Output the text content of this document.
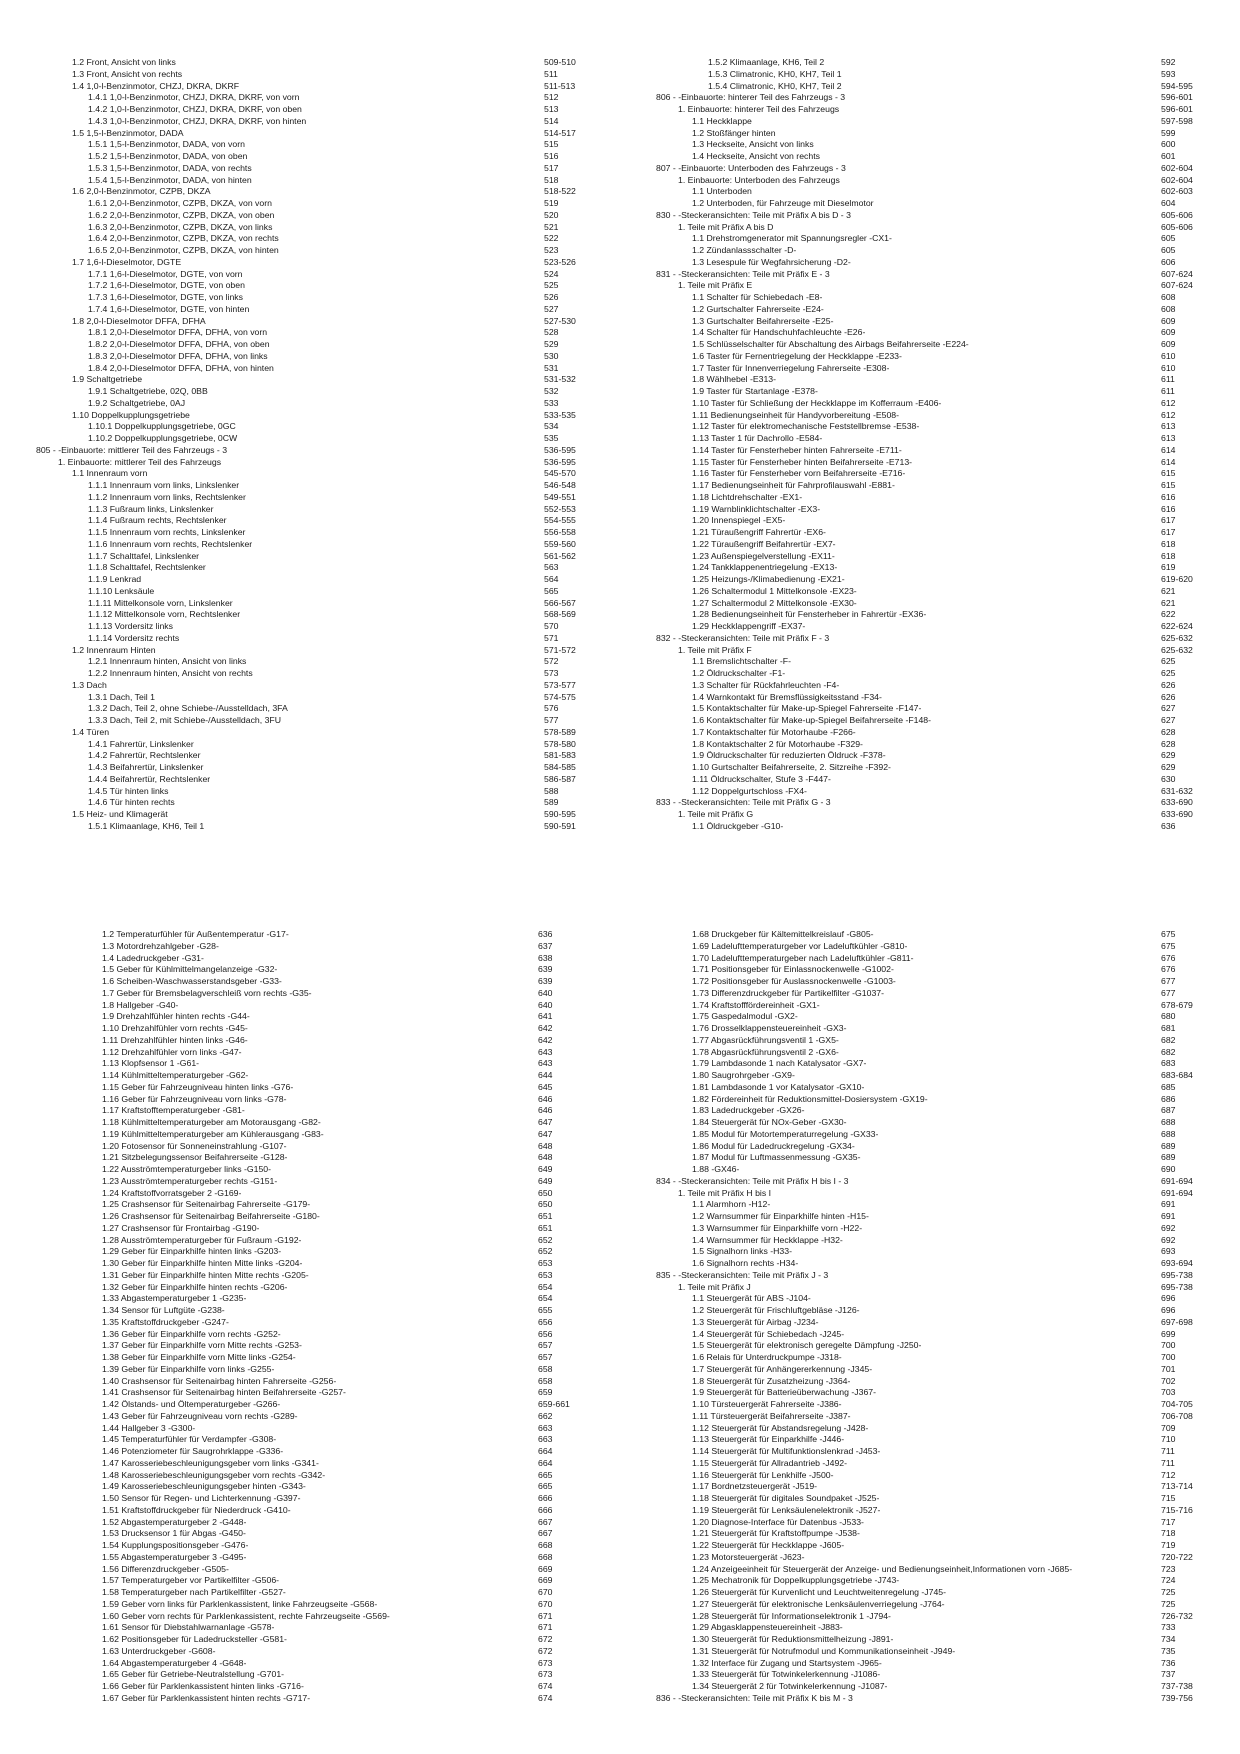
1.2 Front, Ansicht von links	509-510
1.3 Front, Ansicht von rechts	511
1.4 1,0-l-Benzinmotor, CHZJ, DKRA, DKRF	511-513
1.4.1 1,0-l-Benzinmotor, CHZJ, DKRA, DKRF, von vorn	512
1.4.2 1,0-l-Benzinmotor, CHZJ, DKRA, DKRF, von oben	513
1.4.3 1,0-l-Benzinmotor, CHZJ, DKRA, DKRF, von hinten	514
1.5 1,5-l-Benzinmotor, DADA	514-517
1.5.1 1,5-l-Benzinmotor, DADA, von vorn	515
1.5.2 1,5-l-Benzinmotor, DADA, von oben	516
1.5.3 1,5-l-Benzinmotor, DADA, von rechts	517
1.5.4 1,5-l-Benzinmotor, DADA, von hinten	518
1.6 2,0-l-Benzinmotor, CZPB, DKZA	518-522
1.6.1 2,0-l-Benzinmotor, CZPB, DKZA, von vorn	519
1.6.2 2,0-l-Benzinmotor, CZPB, DKZA, von oben	520
1.6.3 2,0-l-Benzinmotor, CZPB, DKZA, von links	521
1.6.4 2,0-l-Benzinmotor, CZPB, DKZA, von rechts	522
1.6.5 2,0-l-Benzinmotor, CZPB, DKZA, von hinten	523
1.7 1,6-l-Dieselmotor, DGTE	523-526
1.7.1 1,6-l-Dieselmotor, DGTE, von vorn	524
1.7.2 1,6-l-Dieselmotor, DGTE, von oben	525
1.7.3 1,6-l-Dieselmotor, DGTE, von links	526
1.7.4 1,6-l-Dieselmotor, DGTE, von hinten	527
1.8 2,0-l-Dieselmotor DFFA, DFHA	527-530
1.8.1 2,0-l-Dieselmotor DFFA, DFHA, von vorn	528
1.8.2 2,0-l-Dieselmotor DFFA, DFHA, von oben	529
1.8.3 2,0-l-Dieselmotor DFFA, DFHA, von links	530
1.8.4 2,0-l-Dieselmotor DFFA, DFHA, von hinten	531
1.9 Schaltgetriebe	531-532
1.9.1 Schaltgetriebe, 02Q, 0BB	532
1.9.2 Schaltgetriebe, 0AJ	533
1.10 Doppelkupplungsgetriebe	533-535
1.10.1 Doppelkupplungsgetriebe, 0GC	534
1.10.2 Doppelkupplungsgetriebe, 0CW	535
805 - -Einbauorte: mittlerer Teil des Fahrzeugs - 3	536-595
1. Einbauorte: mittlerer Teil des Fahrzeugs	536-595
1.1 Innenraum vorn	545-570
1.1.1 Innenraum vorn links, Linkslenker	546-548
1.1.2 Innenraum vorn links, Rechtslenker	549-551
1.1.3 Fußraum links, Linkslenker	552-553
1.1.4 Fußraum rechts, Rechtslenker	554-555
1.1.5 Innenraum vorn rechts, Linkslenker	556-558
1.1.6 Innenraum vorn rechts, Rechtslenker	559-560
1.1.7 Schalttafel, Linkslenker	561-562
1.1.8 Schalttafel, Rechtslenker	563
1.1.9 Lenkrad	564
1.1.10 Lenksäule	565
1.1.11 Mittelkonsole vorn, Linkslenker	566-567
1.1.12 Mittelkonsole vorn, Rechtslenker	568-569
1.1.13 Vordersitz links	570
1.1.14 Vordersitz rechts	571
1.2 Innenraum Hinten	571-572
1.2.1 Innenraum hinten, Ansicht von links	572
1.2.2 Innenraum hinten, Ansicht von rechts	573
1.3 Dach	573-577
1.3.1 Dach, Teil 1	574-575
1.3.2 Dach, Teil 2, ohne Schiebe-/Ausstelldach, 3FA	576
1.3.3 Dach, Teil 2, mit Schiebe-/Ausstelldach, 3FU	577
1.4 Türen	578-589
1.4.1 Fahrertür, Linkslenker	578-580
1.4.2 Fahrertür, Rechtslenker	581-583
1.4.3 Beifahrertür, Linkslenker	584-585
1.4.4 Beifahrertür, Rechtslenker	586-587
1.4.5 Tür hinten links	588
1.4.6 Tür hinten rechts	589
1.5 Heiz- und Klimagerät	590-595
1.5.1 Klimaanlage, KH6, Teil 1	590-591
1.5.2 Klimaanlage, KH6, Teil 2	592
1.5.3 Climatronic, KH0, KH7, Teil 1	593
1.5.4 Climatronic, KH0, KH7, Teil 2	594-595
806 - -Einbauorte: hinterer Teil des Fahrzeugs - 3	596-601
1. Einbauorte: hinterer Teil des Fahrzeugs	596-601
1.1 Heckklappe	597-598
1.2 Stoßfänger hinten	599
1.3 Heckseite, Ansicht von links	600
1.4 Heckseite, Ansicht von rechts	601
807 - -Einbauorte: Unterboden des Fahrzeugs - 3	602-604
1. Einbauorte: Unterboden des Fahrzeugs	602-604
1.1 Unterboden	602-603
1.2 Unterboden, für Fahrzeuge mit Dieselmotor	604
830 - -Steckeransichten: Teile mit Präfix A bis D - 3	605-606
1. Teile mit Präfix A bis D	605-606
1.1 Drehstromgenerator mit Spannungsregler -CX1-	605
1.2 Zündanlassschalter -D-	605
1.3 Lesespule für Wegfahrsicherung -D2-	606
831 - -Steckeransichten: Teile mit Präfix E - 3	607-624
1. Teile mit Präfix E	607-624
1.1 Schalter für Schiebedach -E8-	608
1.2 Gurtschalter Fahrerseite -E24-	608
1.3 Gurtschalter Beifahrerseite -E25-	609
1.4 Schalter für Handschuhfachleuchte -E26-	609
1.5 Schlüsselschalter für Abschaltung des Airbags Beifahrerseite -E224-	609
1.6 Taster für Fernentriegelung der Heckklappe -E233-	610
1.7 Taster für Innenverriegelung Fahrerseite -E308-	610
1.8 Wählhebel -E313-	611
1.9 Taster für Startanlage -E378-	611
1.10 Taster für Schließung der Heckklappe im Kofferraum -E406-	612
1.11 Bedienungseinheit für Handyvorbereitung -E508-	612
1.12 Taster für elektromechanische Feststellbremse -E538-	613
1.13 Taster 1 für Dachrollo -E584-	613
1.14 Taster für Fensterheber hinten Fahrerseite -E711-	614
1.15 Taster für Fensterheber hinten Beifahrerseite -E713-	614
1.16 Taster für Fensterheber vorn Beifahrerseite -E716-	615
1.17 Bedienungseinheit für Fahrprofilauswahl -E881-	615
1.18 Lichtdrehschalter -EX1-	616
1.19 Warnblinklichtschalter -EX3-	616
1.20 Innenspiegel -EX5-	617
1.21 Türaußengriff Fahrertür -EX6-	617
1.22 Türaußengriff Beifahrertür -EX7-	618
1.23 Außenspiegelverstellung -EX11-	618
1.24 Tankklappenentriegelung -EX13-	619
1.25 Heizungs-/Klimabedienung -EX21-	619-620
1.26 Schaltermodul 1 Mittelkonsole -EX23-	621
1.27 Schaltermodul 2 Mittelkonsole -EX30-	621
1.28 Bedienungseinheit für Fensterheber in Fahrertür -EX36-	622
1.29 Heckklappengriff -EX37-	622-624
832 - -Steckeransichten: Teile mit Präfix F - 3	625-632
1. Teile mit Präfix F	625-632
1.1 Bremslichtschalter -F-	625
1.2 Öldruckschalter -F1-	625
1.3 Schalter für Rückfahrleuchten -F4-	626
1.4 Warnkontakt für Bremsflüssigkeitsstand -F34-	626
1.5 Kontaktschalter für Make-up-Spiegel Fahrerseite -F147-	627
1.6 Kontaktschalter für Make-up-Spiegel Beifahrerseite -F148-	627
1.7 Kontaktschalter für Motorhaube -F266-	628
1.8 Kontaktschalter 2 für Motorhaube -F329-	628
1.9 Öldruckschalter für reduzierten Öldruck -F378-	629
1.10 Gurtschalter Beifahrerseite, 2. Sitzreihe -F392-	629
1.11 Öldruckschalter, Stufe 3 -F447-	630
1.12 Doppelgurtschloss -FX4-	631-632
833 - -Steckeransichten: Teile mit Präfix G - 3	633-690
1. Teile mit Präfix G	633-690
1.1 Öldruckgeber -G10-	636
1.2 Temperaturfühler für Außentemperatur -G17-	636
1.3 Motordrehzahlgeber -G28-	637
1.4 Ladedruckgeber -G31-	638
1.5 Geber für Kühlmittelmangelanzeige -G32-	639
1.6 Scheiben-Waschwasserstandsgeber -G33-	639
1.7 Geber für Bremsbelagverschleiß vorn rechts -G35-	640
1.8 Hallgeber -G40-	640
1.9 Drehzahlfühler hinten rechts -G44-	641
1.10 Drehzahlfühler vorn rechts -G45-	642
1.11 Drehzahlfühler hinten links -G46-	642
1.12 Drehzahlfühler vorn links -G47-	643
1.13 Klopfsensor 1 -G61-	643
1.14 Kühlmitteltemperaturgeber -G62-	644
1.15 Geber für Fahrzeugniveau hinten links -G76-	645
1.16 Geber für Fahrzeugniveau vorn links -G78-	646
1.17 Kraftstofftemperaturgeber -G81-	646
1.18 Kühlmitteltemperaturgeber am Motorausgang -G82-	647
1.19 Kühlmitteltemperaturgeber am Kühlerausgang -G83-	647
1.20 Fotosensor für Sonneneinstrahlung -G107-	648
1.21 Sitzbelegungssensor Beifahrerseite -G128-	648
1.22 Ausströmtemperaturgeber links -G150-	649
1.23 Ausströmtemperaturgeber rechts -G151-	649
1.24 Kraftstoffvorratsgeber 2 -G169-	650
1.25 Crashsensor für Seitenairbag Fahrerseite -G179-	650
1.26 Crashsensor für Seitenairbag Beifahrerseite -G180-	651
1.27 Crashsensor für Frontairbag -G190-	651
1.28 Ausströmtemperaturgeber für Fußraum -G192-	652
1.29 Geber für Einparkhilfe hinten links -G203-	652
1.30 Geber für Einparkhilfe hinten Mitte links -G204-	653
1.31 Geber für Einparkhilfe hinten Mitte rechts -G205-	653
1.32 Geber für Einparkhilfe hinten rechts -G206-	654
1.33 Abgastemperaturgeber 1 -G235-	654
1.34 Sensor für Luftgüte -G238-	655
1.35 Kraftstoffdruckgeber -G247-	656
1.36 Geber für Einparkhilfe vorn rechts -G252-	656
1.37 Geber für Einparkhilfe vorn Mitte rechts -G253-	657
1.38 Geber für Einparkhilfe vorn Mitte links -G254-	657
1.39 Geber für Einparkhilfe vorn links -G255-	658
1.40 Crashsensor für Seitenairbag hinten Fahrerseite -G256-	658
1.41 Crashsensor für Seitenairbag hinten Beifahrerseite -G257-	659
1.42 Ölstands- und Öltemperaturgeber -G266-	659-661
1.43 Geber für Fahrzeugniveau vorn rechts -G289-	662
1.44 Hallgeber 3 -G300-	663
1.45 Temperaturfühler für Verdampfer -G308-	663
1.46 Potenziometer für Saugrohrklappe -G336-	664
1.47 Karosseriebeschleunigungsgeber vorn links -G341-	664
1.48 Karosseriebeschleunigungsgeber vorn rechts -G342-	665
1.49 Karosseriebeschleunigungsgeber hinten -G343-	665
1.50 Sensor für Regen- und Lichterkennung -G397-	666
1.51 Kraftstoffdruckgeber für Niederdruck -G410-	666
1.52 Abgastemperaturgeber 2 -G448-	667
1.53 Drucksensor 1 für Abgas -G450-	667
1.54 Kupplungspositionsgeber -G476-	668
1.55 Abgastemperaturgeber 3 -G495-	668
1.56 Differenzdruckgeber -G505-	669
1.57 Temperaturgeber vor Partikelfilter -G506-	669
1.58 Temperaturgeber nach Partikelfilter -G527-	670
1.59 Geber vorn links für Parklenkassistent, linke Fahrzeugseite -G568-	670
1.60 Geber vorn rechts für Parklenkassistent, rechte Fahrzeugseite -G569-	671
1.61 Sensor für Diebstahlwarnanlage -G578-	671
1.62 Positionsgeber für Ladedrucksteller -G581-	672
1.63 Unterdruckgeber -G608-	672
1.64 Abgastemperaturgeber 4 -G648-	673
1.65 Geber für Getriebe-Neutralstellung -G701-	673
1.66 Geber für Parklenkassistent hinten links -G716-	674
1.67 Geber für Parklenkassistent hinten rechts -G717-	674
1.68 Druckgeber für Kältemittelkreislauf -G805-	675
1.69 Ladelufttemperaturgeber vor Ladeluftkühler -G810-	675
1.70 Ladelufttemperaturgeber nach Ladeluftkühler -G811-	676
1.71 Positionsgeber für Einlassnockenwelle -G1002-	676
1.72 Positionsgeber für Auslassnockenwelle -G1003-	677
1.73 Differenzdruckgeber für Partikelfilter -G1037-	677
1.74 Kraftstofffördereinheit -GX1-	678-679
1.75 Gaspedalmodul -GX2-	680
1.76 Drosselklappensteuereinheit -GX3-	681
1.77 Abgasrückführungsventil 1 -GX5-	682
1.78 Abgasrückführungsventil 2 -GX6-	682
1.79 Lambdasonde 1 nach Katalysator -GX7-	683
1.80 Saugrohrgeber -GX9-	683-684
1.81 Lambdasonde 1 vor Katalysator -GX10-	685
1.82 Fördereinheit für Reduktionsmittel-Dosiersystem -GX19-	686
1.83 Ladedruckgeber -GX26-	687
1.84 Steuergerät für NOx-Geber -GX30-	688
1.85 Modul für Motortemperaturregelung -GX33-	688
1.86 Modul für Ladedruckregelung -GX34-	689
1.87 Modul für Luftmassenmessung -GX35-	689
1.88 -GX46-	690
834 - -Steckeransichten: Teile mit Präfix H bis I - 3	691-694
1. Teile mit Präfix H bis I	691-694
1.1 Alarmhorn -H12-	691
1.2 Warnsummer für Einparkhilfe hinten -H15-	691
1.3 Warnsummer für Einparkhilfe vorn -H22-	692
1.4 Warnsummer für Heckklappe -H32-	692
1.5 Signalhorn links -H33-	693
1.6 Signalhorn rechts -H34-	693-694
835 - -Steckeransichten: Teile mit Präfix J - 3	695-738
1. Teile mit Präfix J	695-738
1.1 Steuergerät für ABS -J104-	696
1.2 Steuergerät für Frischluftgebläse -J126-	696
1.3 Steuergerät für Airbag -J234-	697-698
1.4 Steuergerät für Schiebedach -J245-	699
1.5 Steuergerät für elektronisch geregelte Dämpfung -J250-	700
1.6 Relais für Unterdruckpumpe -J318-	700
1.7 Steuergerät für Anhängererkennung -J345-	701
1.8 Steuergerät für Zusatzheizung -J364-	702
1.9 Steuergerät für Batterieüberwachung -J367-	703
1.10 Türsteuergerät Fahrerseite -J386-	704-705
1.11 Türsteuergerät Beifahrerseite -J387-	706-708
1.12 Steuergerät für Abstandsregelung -J428-	709
1.13 Steuergerät für Einparkhilfe -J446-	710
1.14 Steuergerät für Multifunktionslenkrad -J453-	711
1.15 Steuergerät für Allradantrieb -J492-	711
1.16 Steuergerät für Lenkhilfe -J500-	712
1.17 Bordnetzsteuergerät -J519-	713-714
1.18 Steuergerät für digitales Soundpaket -J525-	715
1.19 Steuergerät für Lenksäulenelektronik -J527-	715-716
1.20 Diagnose-Interface für Datenbus -J533-	717
1.21 Steuergerät für Kraftstoffpumpe -J538-	718
1.22 Steuergerät für Heckklappe -J605-	719
1.23 Motorsteuergerät -J623-	720-722
1.24 Anzeigeeinheit für Steuergerät der Anzeige- und Bedienungseinheit,Informationen vorn -J685-	723
1.25 Mechatronik für Doppelkupplungsgetriebe -J743-	724
1.26 Steuergerät für Kurvenlicht und Leuchtweitenregelung -J745-	725
1.27 Steuergerät für elektronische Lenksäulenverriegelung -J764-	725
1.28 Steuergerät für Informationselektronik 1 -J794-	726-732
1.29 Abgasklappensteuereinheit -J883-	733
1.30 Steuergerät für Reduktionsmittelheizung -J891-	734
1.31 Steuergerät für Notrufmodul und Kommunikationseinheit -J949-	735
1.32 Interface für Zugang und Startsystem -J965-	736
1.33 Steuergerät für Totwinkelerkennung -J1086-	737
1.34 Steuergerät 2 für Totwinkelerkennung -J1087-	737-738
836 - -Steckeransichten: Teile mit Präfix K bis M - 3	739-756
